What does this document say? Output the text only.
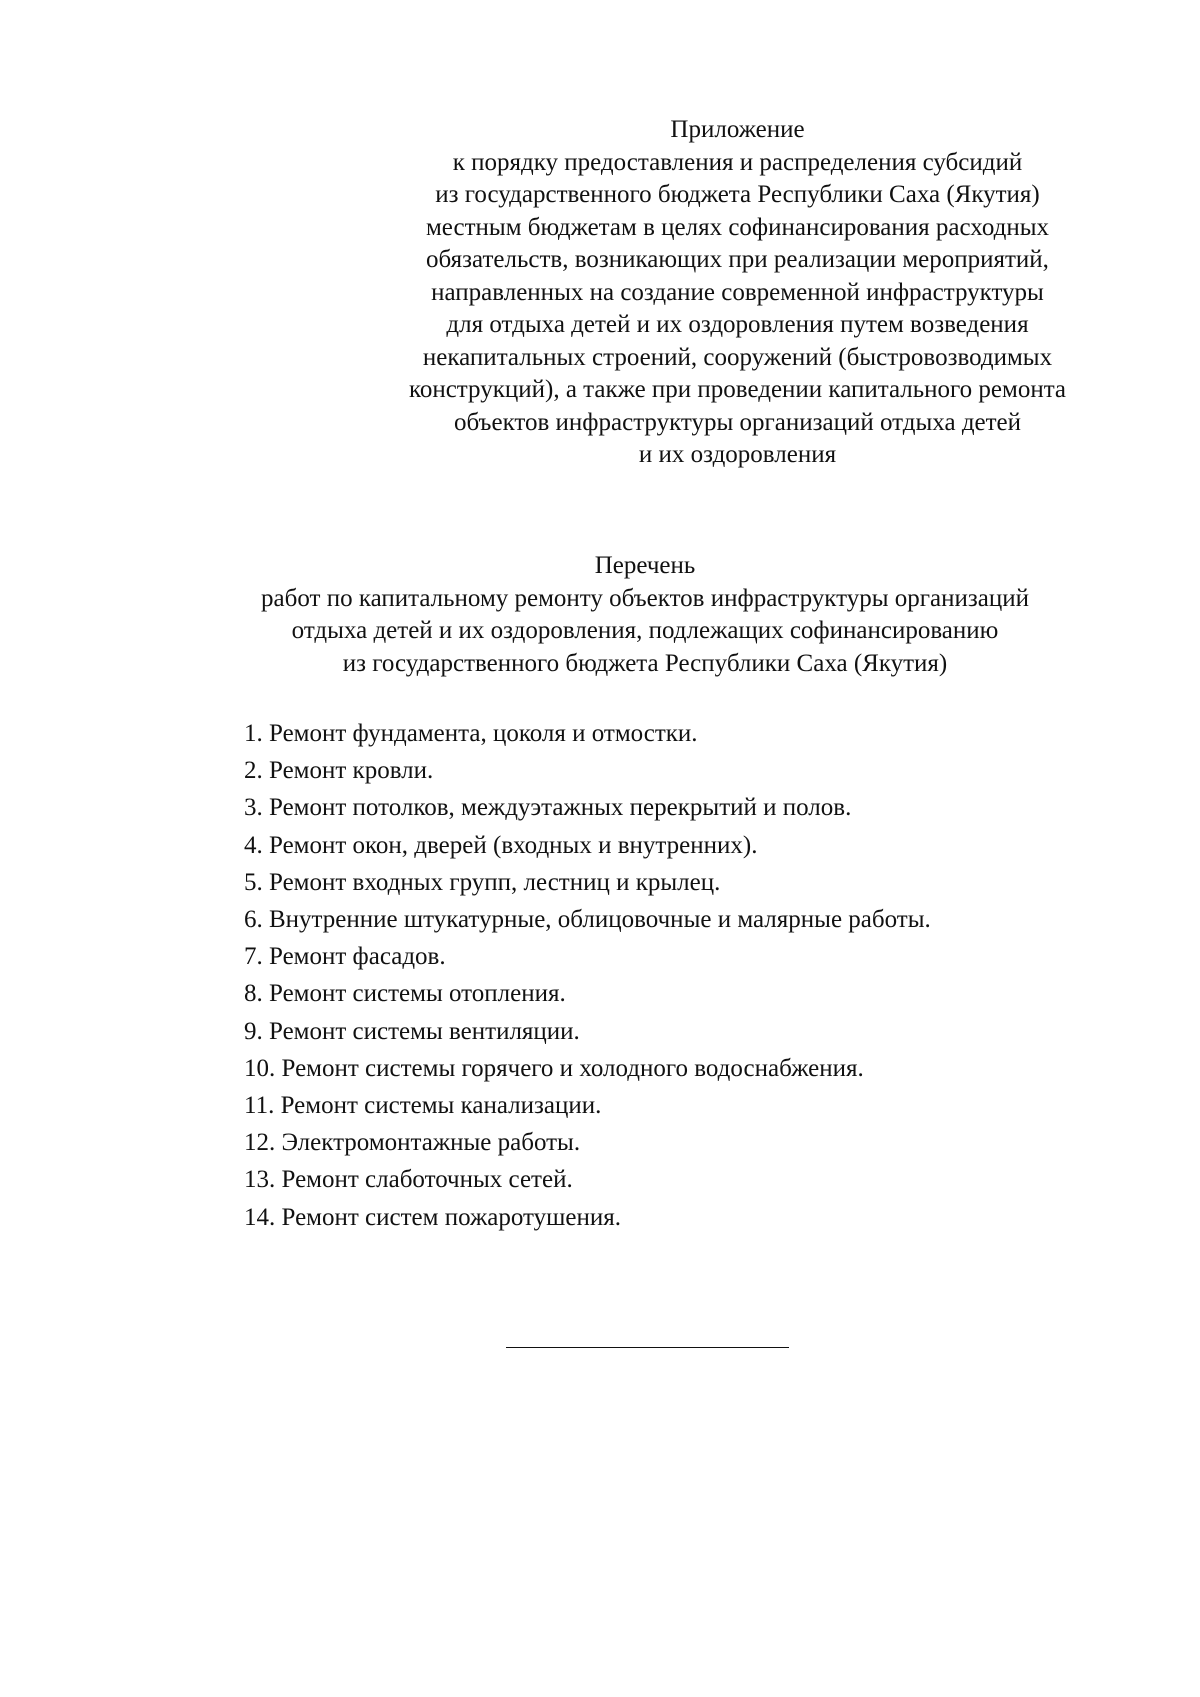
Приложение
к порядку предоставления и распределения субсидий
из государственного бюджета Республики Саха (Якутия)
местным бюджетам в целях софинансирования расходных
обязательств, возникающих при реализации мероприятий,
направленных на создание современной инфраструктуры
для отдыха детей и их оздоровления путем возведения
некапитальных строений, сооружений (быстровозводимых
конструкций), а также при проведении капитального ремонта
объектов инфраструктуры организаций отдыха детей
и их оздоровления
Перечень
работ по капитальному ремонту объектов инфраструктуры организаций
отдыха детей и их оздоровления, подлежащих софинансированию
из государственного бюджета Республики Саха (Якутия)
1. Ремонт фундамента, цоколя и отмостки.
2. Ремонт кровли.
3. Ремонт потолков, междуэтажных перекрытий и полов.
4. Ремонт окон, дверей (входных и внутренних).
5. Ремонт входных групп, лестниц и крылец.
6. Внутренние штукатурные, облицовочные и малярные работы.
7. Ремонт фасадов.
8. Ремонт системы отопления.
9. Ремонт системы вентиляции.
10. Ремонт системы горячего и холодного водоснабжения.
11. Ремонт системы канализации.
12. Электромонтажные работы.
13. Ремонт слаботочных сетей.
14. Ремонт систем пожаротушения.
